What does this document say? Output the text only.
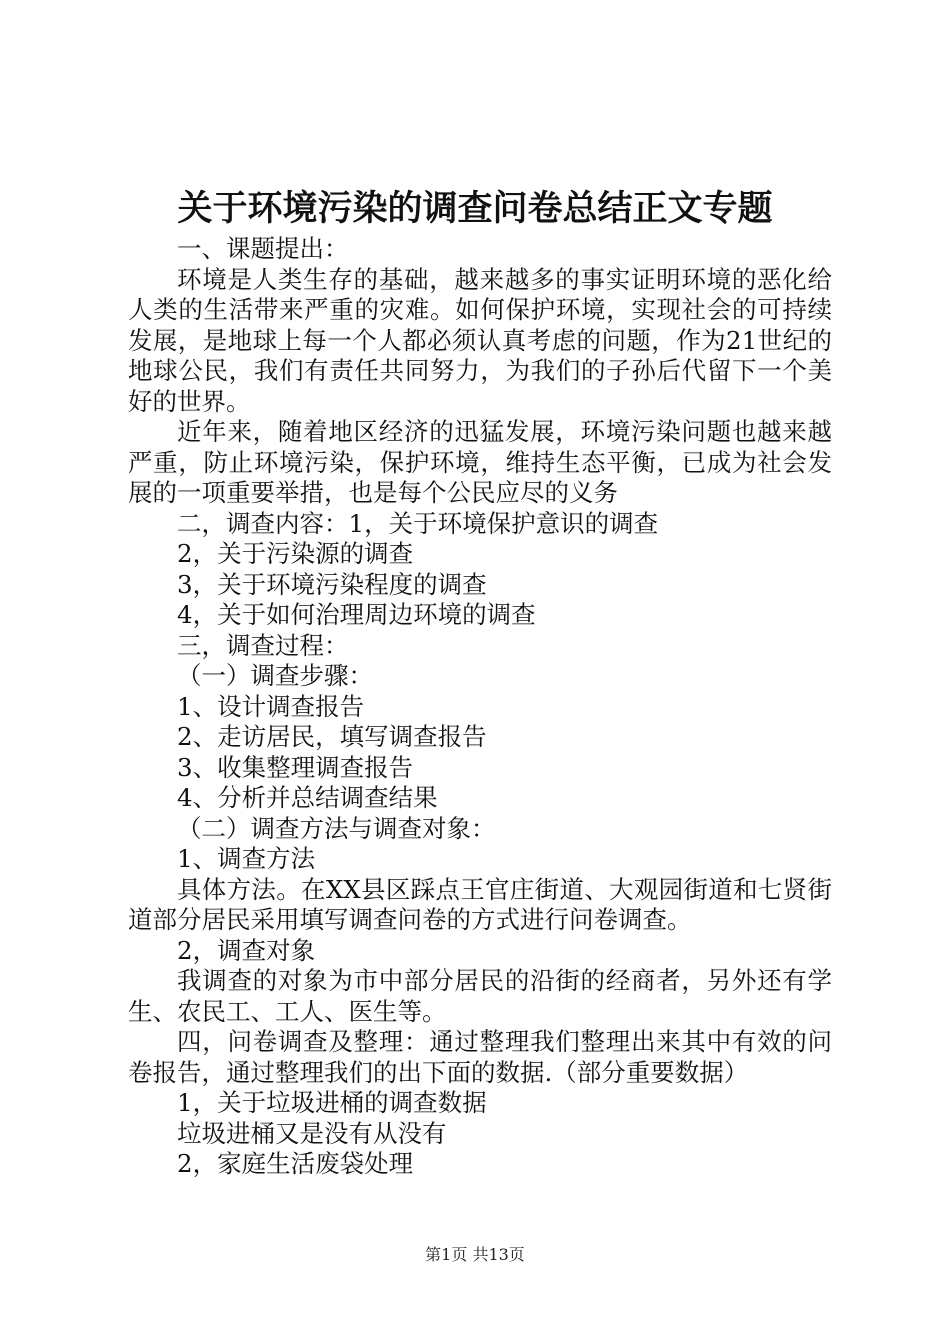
关于环境污染的调查问卷总结正文专题

一、课题提出：

环境是人类生存的基础，越来越多的事实证明环境的恶化给人类的生活带来严重的灾难。如何保护环境，实现社会的可持续发展，是地球上每一个人都必须认真考虑的问题，作为21世纪的地球公民，我们有责任共同努力，为我们的子孙后代留下一个美好的世界。

近年来，随着地区经济的迅猛发展，环境污染问题也越来越严重，防止环境污染，保护环境，维持生态平衡，已成为社会发展的一项重要举措，也是每个公民应尽的义务

二，调查内容：1，关于环境保护意识的调查

2，关于污染源的调查

3，关于环境污染程度的调查

4，关于如何治理周边环境的调查

三，调查过程：

（一）调查步骤：

1、设计调查报告

2、走访居民，填写调查报告

3、收集整理调查报告

4、分析并总结调查结果

（二）调查方法与调查对象：

1、调查方法

具体方法。在XX县区踩点王官庄街道、大观园街道和七贤街道部分居民采用填写调查问卷的方式进行问卷调查。

2，调查对象

我调查的对象为市中部分居民的沿街的经商者，另外还有学生、农民工、工人、医生等。

四，问卷调查及整理：通过整理我们整理出来其中有效的问卷报告，通过整理我们的出下面的数据.（部分重要数据）

1，关于垃圾进桶的调查数据

垃圾进桶又是没有从没有

2，家庭生活废袋处理

第1页 共13页
